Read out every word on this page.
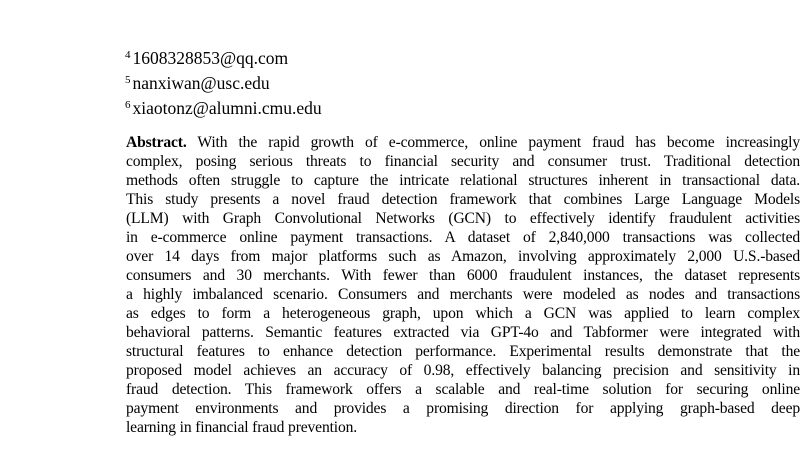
$^4$ 1608328853@qq.com
$^5$ nanxiwan@usc.edu
$^6$ xiaotonz@alumni.cmu.edu
Abstract. With the rapid growth of e-commerce, online payment fraud has become increasingly
complex, posing serious threats to financial security and consumer trust. Traditional detection
methods often struggle to capture the intricate relational structures inherent in transactional data.
This study presents a novel fraud detection framework that combines Large Language Models
(LLM) with Graph Convolutional Networks (GCN) to effectively identify fraudulent activities
in e-commerce online payment transactions. A dataset of 2,840,000 transactions was collected
over 14 days from major platforms such as Amazon, involving approximately 2,000 U.S.-based
consumers and 30 merchants. With fewer than 6000 fraudulent instances, the dataset represents
a highly imbalanced scenario. Consumers and merchants were modeled as nodes and transactions
as edges to form a heterogeneous graph, upon which a GCN was applied to learn complex
behavioral patterns. Semantic features extracted via GPT-4o and Tabformer were integrated with
structural features to enhance detection performance. Experimental results demonstrate that the
proposed model achieves an accuracy of 0.98, effectively balancing precision and sensitivity in
fraud detection. This framework offers a scalable and real-time solution for securing online
payment environments and provides a promising direction for applying graph-based deep
learning in financial fraud prevention.
